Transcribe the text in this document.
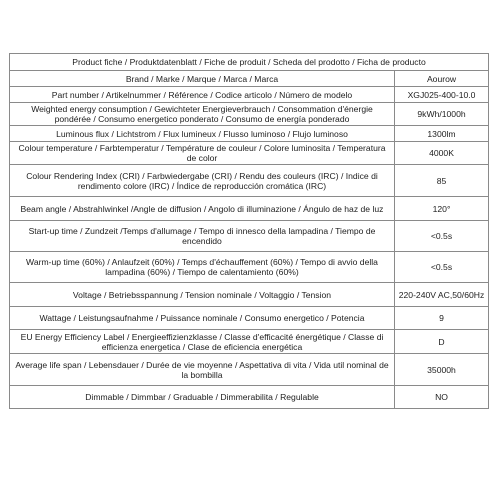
Product fiche / Produktdatenblatt / Fiche de produit / Scheda del prodotto / Ficha de producto	
Brand / Marke / Marque / Marca / Marca	Aourow
Part number / Artikelnummer / Référence / Codice articolo / Número de modelo	XGJ025-400-10.0
Weighted energy consumption / Gewichteter Energieverbrauch / Consommation d'énergie pondérée / Consumo energetico ponderato / Consumo de energía ponderado	9kWh/1000h
Luminous flux / Lichtstrom / Flux lumineux / Flusso luminoso / Flujo luminoso	1300lm
Colour temperature / Farbtemperatur / Température de couleur / Colore luminosita / Temperatura de color	4000K
Colour Rendering Index (CRI) / Farbwiedergabe (CRI) / Rendu des couleurs (IRC) / Indice di rendimento colore (IRC) / Índice de reproducción cromática (IRC)	85
Beam angle / Abstrahlwinkel /Angle de diffusion / Angolo di illuminazione / Ángulo de haz de luz	120°
Start-up time / Zundzeit /Temps d'allumage / Tempo di innesco della lampadina / Tiempo de encendido	<0.5s
Warm-up time (60%) / Anlaufzeit (60%) / Temps d'échauffement (60%) / Tempo di avvio della lampadina (60%) / Tiempo de calentamiento (60%)	<0.5s
Voltage / Betriebsspannung / Tension nominale / Voltaggio / Tension	220-240V AC,50/60Hz
Wattage / Leistungsaufnahme / Puissance nominale / Consumo energetico / Potencia	9
EU Energy Efficiency Label / Energieeffizienzklasse / Classe d'efficacité énergétique / Classe di efficienza energetica / Clase de eficiencia energética	D
Average life span / Lebensdauer / Durée de vie moyenne / Aspettativa di vita / Vida util nominal de la bombilla	35000h
Dimmable / Dimmbar / Graduable / Dimmerabilita / Regulable	NO
